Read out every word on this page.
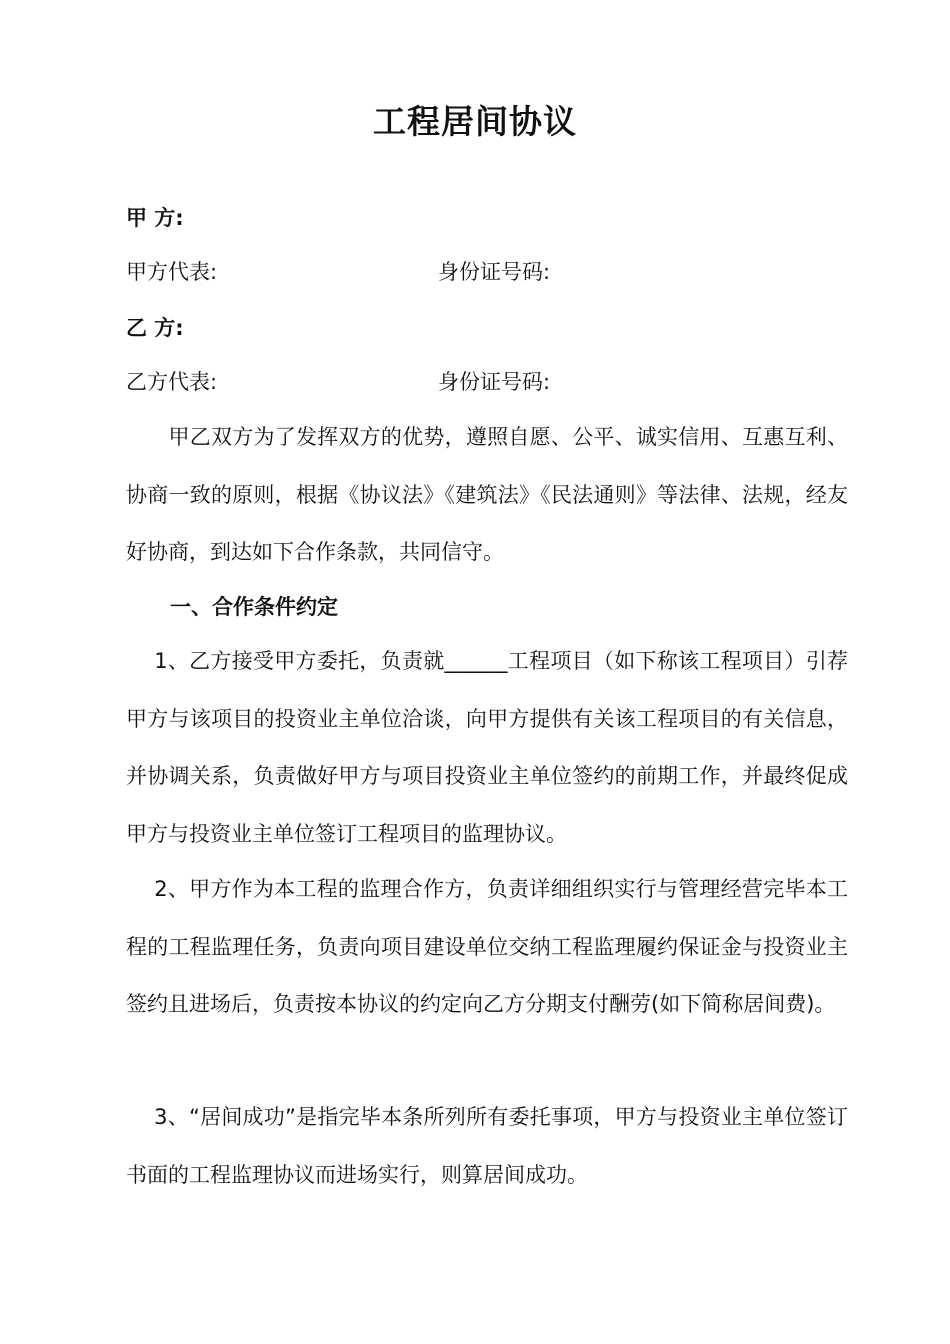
工程居间协议
甲 方:
甲方代表:	身份证号码:
乙 方:
乙方代表:	身份证号码:
　　甲乙双方为了发挥双方的优势，遵照自愿、公平、诚实信用、互惠互利、协商一致的原则，根据《协议法》《建筑法》《民法通则》等法律、法规，经友好协商，到达如下合作条款，共同信守。
一、合作条件约定
　 1、乙方接受甲方委托，负责就______工程项目（如下称该工程项目）引荐甲方与该项目的投资业主单位洽谈，向甲方提供有关该工程项目的有关信息，并协调关系，负责做好甲方与项目投资业主单位签约的前期工作，并最终促成甲方与投资业主单位签订工程项目的监理协议。
　 2、甲方作为本工程的监理合作方，负责详细组织实行与管理经营完毕本工程的工程监理任务，负责向项目建设单位交纳工程监理履约保证金与投资业主签约且进场后，负责按本协议的约定向乙方分期支付酬劳(如下简称居间费)。
　 3、“居间成功”是指完毕本条所列所有委托事项，甲方与投资业主单位签订书面的工程监理协议而进场实行，则算居间成功。
